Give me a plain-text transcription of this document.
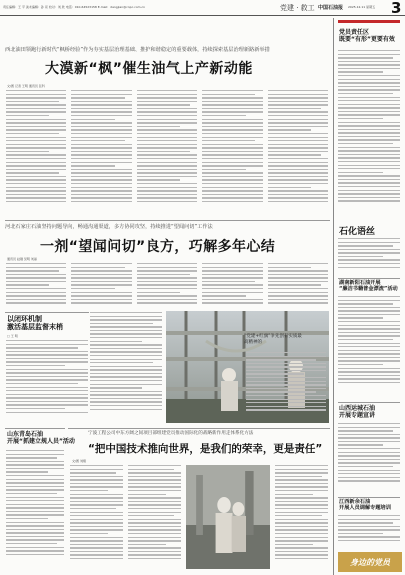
责任编辑：王 平 美术编辑：孙 亮 校对：刘 欣 电话：010-64523158 E-mail：dangjian@cnpc.com.cn	党建 · 救工 中国石油报 2025.12.11 星期五 3
西北油田领跑行新时代“枫桥经验”作为夯实基层治理基础、推护和谐稳定的重要载体，持续探索基层治理新路新举措
大漠新“枫”催生油气上产新动能
文/图 记者 王明 通讯员 张科
河北石家庄石油坚持问题导向，畅通沟通渠道，多方协同攻坚，持续推进“望闻问切”工作法
一剂“望闻问切”良方，巧解多年心结
通讯员 赵刚 吴明 刘丽
“党建+红旗”争先创有实质最高精神的
以闭环机制
激活基层监督末梢
□ 王 明
山东青岛石油
开展“抓建立规人员”活动
宁波工程公司中东方阔之间项目部组建党员推动国际化的战略新作用走体系化方法
“把中国技术推向世界，是我们的荣幸，更是责任”
文/图 刘翔
党员责任区
既要“有形”更要有效
石化语丝
湖南新阳石油开展
“廉洁书籍普金漂流”活动
山西运城石油
开展专题宣讲
江西新余石油
开展人员调解专题培训
身边的党员
